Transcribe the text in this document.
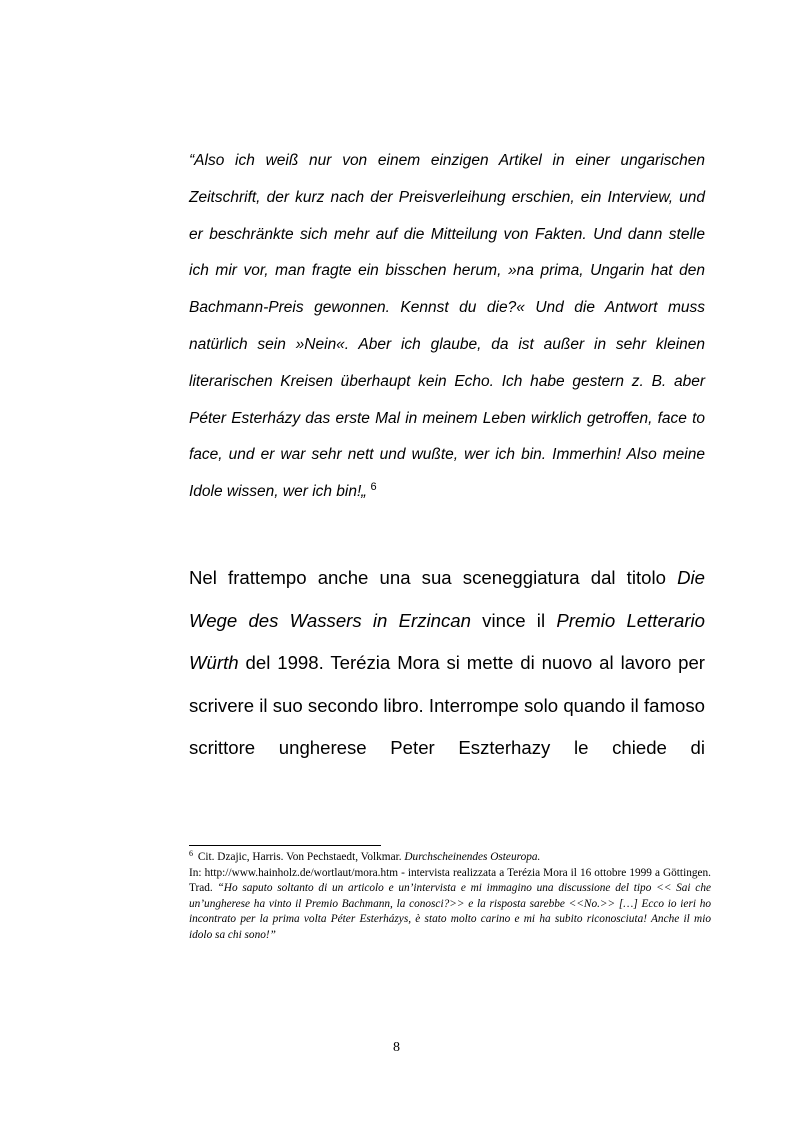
“Also ich weiß nur von einem einzigen Artikel in einer ungarischen Zeitschrift, der kurz nach der Preisverleihung erschien, ein Interview, und er beschränkte sich mehr auf die Mitteilung von Fakten. Und dann stelle ich mir vor, man fragte ein bisschen herum, »na prima, Ungarin hat den Bachmann-Preis gewonnen. Kennst du die?« Und die Antwort muss natürlich sein »Nein«. Aber ich glaube, da ist außer in sehr kleinen literarischen Kreisen überhaupt kein Echo. Ich habe gestern z. B. aber Péter Esterházy das erste Mal in meinem Leben wirklich getroffen, face to face, und er war sehr nett und wußte, wer ich bin. Immerhin! Also meine Idole wissen, wer ich bin!„ $^6$

Nel frattempo anche una sua sceneggiatura dal titolo Die Wege des Wassers in Erzincan vince il Premio Letterario Würth del 1998. Terézia Mora si mette di nuovo al lavoro per scrivere il suo secondo libro. Interrompe solo quando il famoso scrittore ungherese Peter Eszterhazy le chiede di

$^6$ Cit. Dzajic, Harris. Von Pechstaedt, Volkmar. Durchscheinendes Osteuropa.
In: http://www.hainholz.de/wortlaut/mora.htm - intervista realizzata a Terézia Mora il 16 ottobre 1999 a Göttingen. Trad. “Ho saputo soltanto di un articolo e un’intervista e mi immagino una discussione del tipo << Sai che un’ungherese ha vinto il Premio Bachmann, la conosci?>> e la risposta sarebbe <<No.>> […] Ecco io ieri ho incontrato per la prima volta Péter Esterházys, è stato molto carino e mi ha subito riconosciuta! Anche il mio idolo sa chi sono!”

8
